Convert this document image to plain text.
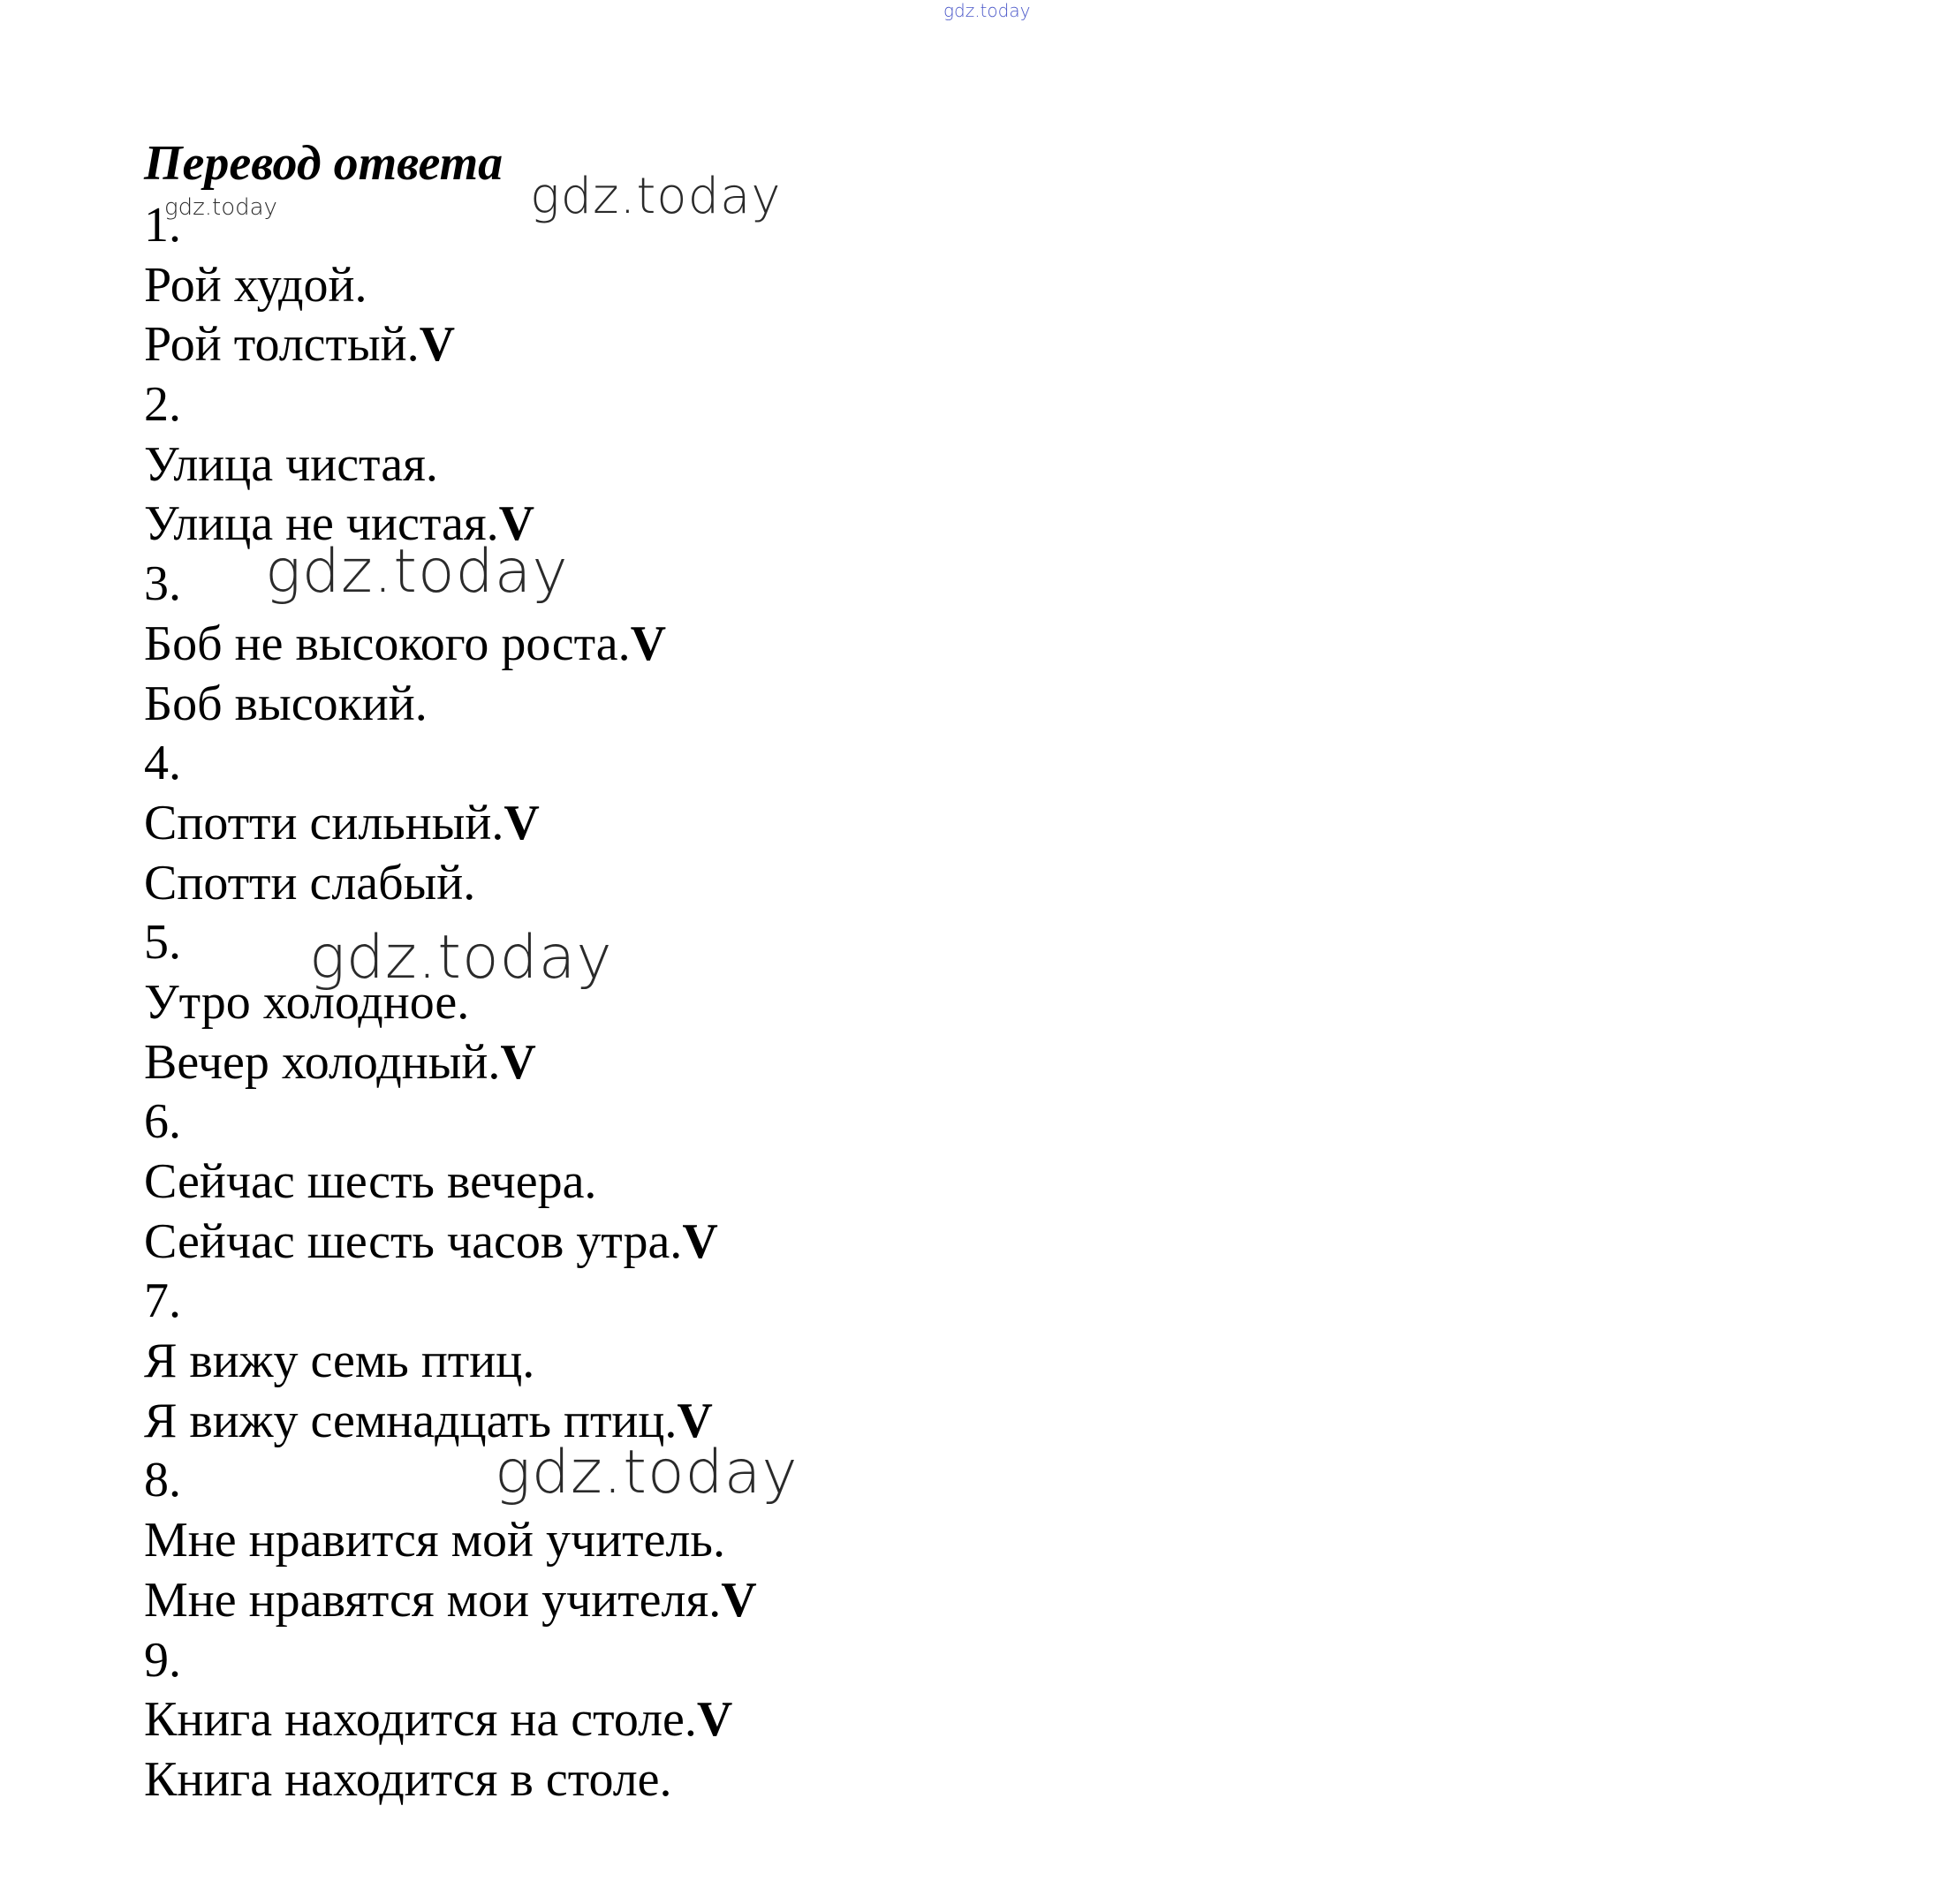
gdz.today
Перевод ответа
1.
Рой худой.
Рой толстый.V
2.
Улица чистая.
Улица не чистая.V
3.
Боб не высокого роста.V
Боб высокий.
4.
Спотти сильный.V
Спотти слабый.
5.
Утро холодное.
Вечер холодный.V
6.
Сейчас шесть вечера.
Сейчас шесть часов утра.V
7.
Я вижу семь птиц.
Я вижу семнадцать птиц.V
8.
Мне нравится мой учитель.
Мне нравятся мои учителя.V
9.
Книга находится на столе.V
Книга находится в столе.
gdz.today	gdz.today
gdz.today
gdz.today
gdz.today
